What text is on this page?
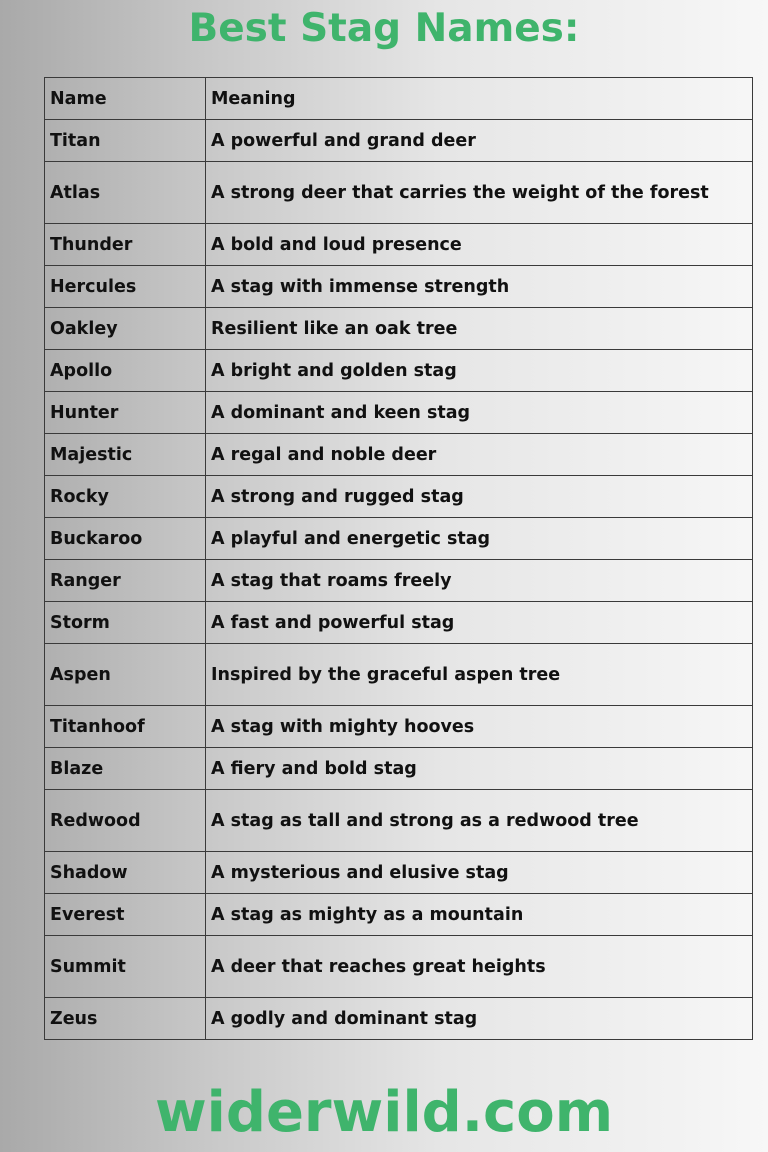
Best Stag Names:
Name	Meaning
Titan	A powerful and grand deer
Atlas	A strong deer that carries the weight of the forest
Thunder	A bold and loud presence
Hercules	A stag with immense strength
Oakley	Resilient like an oak tree
Apollo	A bright and golden stag
Hunter	A dominant and keen stag
Majestic	A regal and noble deer
Rocky	A strong and rugged stag
Buckaroo	A playful and energetic stag
Ranger	A stag that roams freely
Storm	A fast and powerful stag
Aspen	Inspired by the graceful aspen tree
Titanhoof	A stag with mighty hooves
Blaze	A fiery and bold stag
Redwood	A stag as tall and strong as a redwood tree
Shadow	A mysterious and elusive stag
Everest	A stag as mighty as a mountain
Summit	A deer that reaches great heights
Zeus	A godly and dominant stag
widerwild.com
